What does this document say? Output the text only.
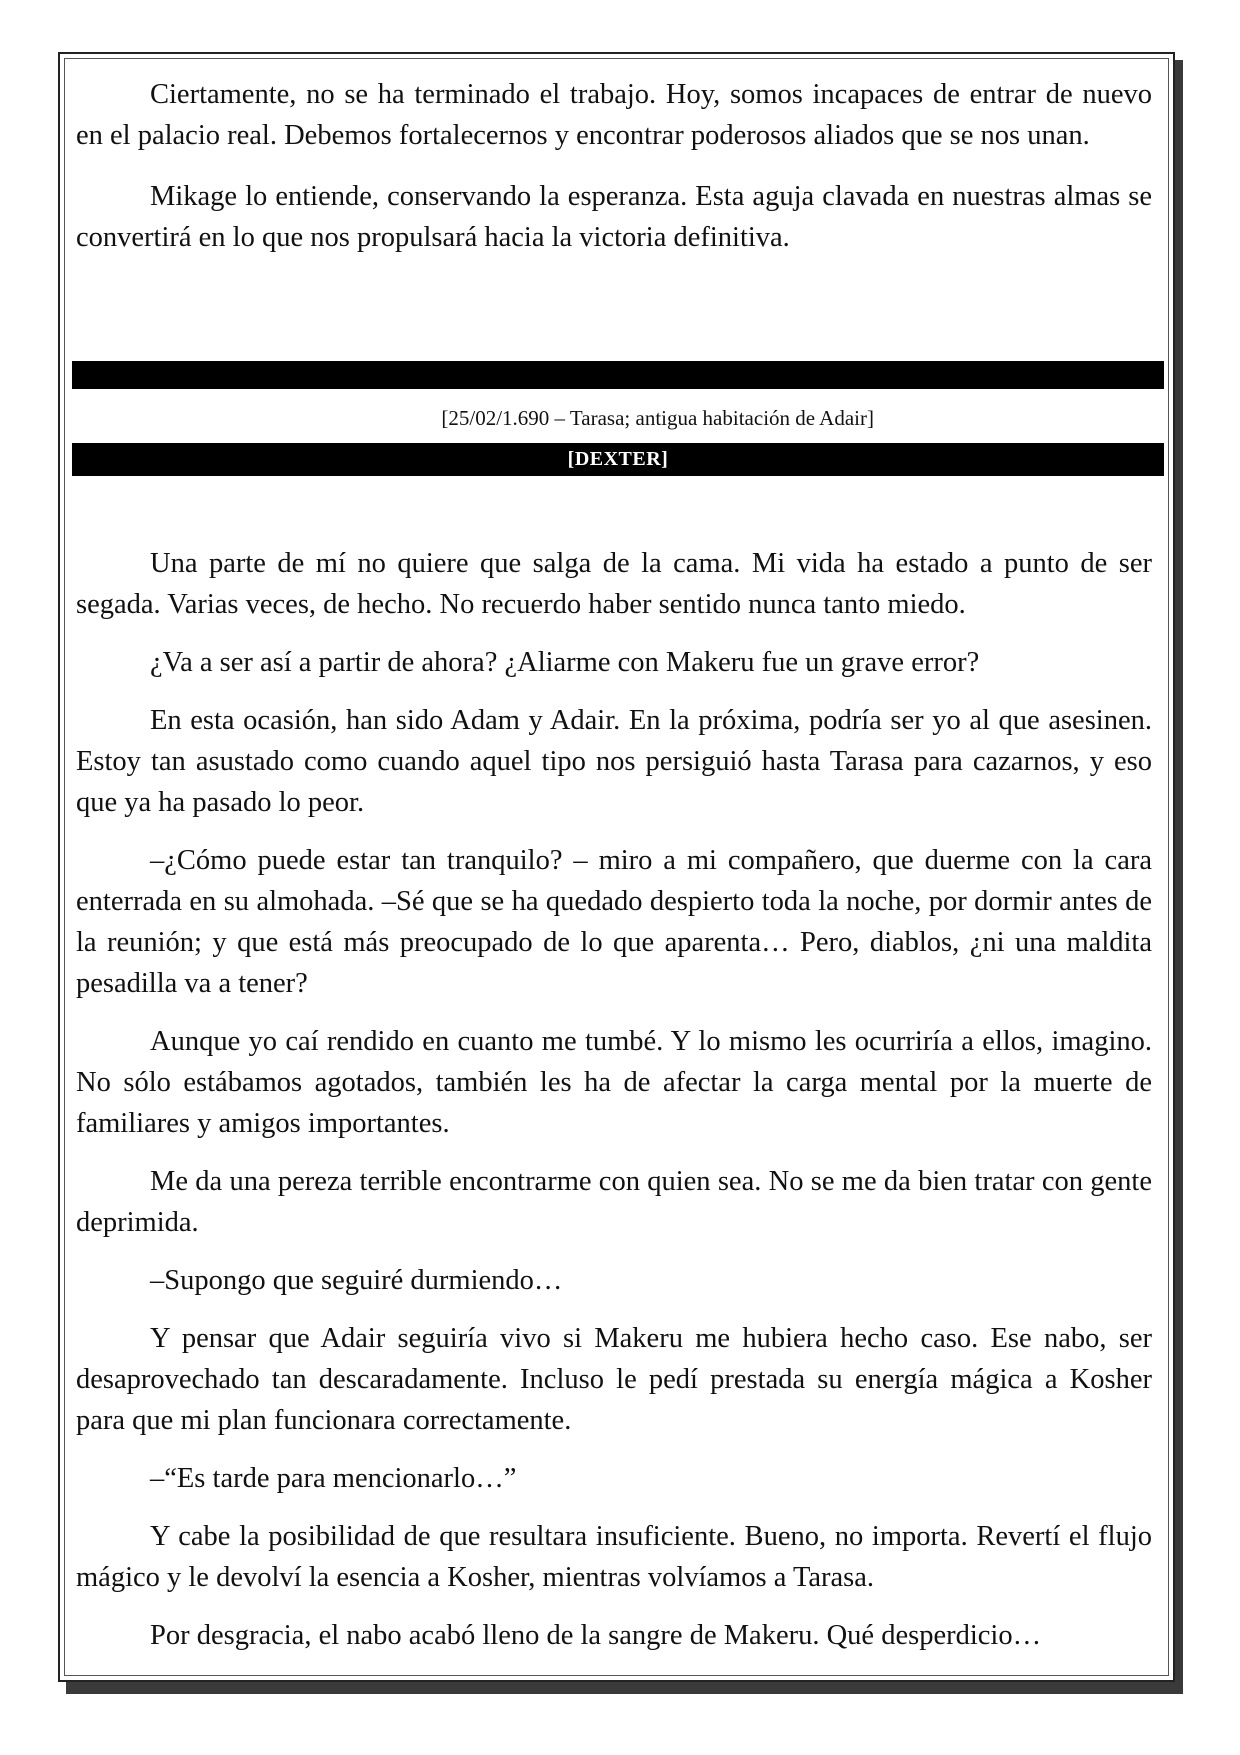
Ciertamente, no se ha terminado el trabajo. Hoy, somos incapaces de entrar de nuevo en el palacio real. Debemos fortalecernos y encontrar poderosos aliados que se nos unan.

Mikage lo entiende, conservando la esperanza. Esta aguja clavada en nuestras almas se convertirá en lo que nos propulsará hacia la victoria definitiva.

[25/02/1.690 – Tarasa; antigua habitación de Adair]
[DEXTER]

Una parte de mí no quiere que salga de la cama. Mi vida ha estado a punto de ser segada. Varias veces, de hecho. No recuerdo haber sentido nunca tanto miedo.

¿Va a ser así a partir de ahora? ¿Aliarme con Makeru fue un grave error?

En esta ocasión, han sido Adam y Adair. En la próxima, podría ser yo al que asesinen. Estoy tan asustado como cuando aquel tipo nos persiguió hasta Tarasa para cazarnos, y eso que ya ha pasado lo peor.

–¿Cómo puede estar tan tranquilo? – miro a mi compañero, que duerme con la cara enterrada en su almohada. –Sé que se ha quedado despierto toda la noche, por dormir antes de la reunión; y que está más preocupado de lo que aparenta… Pero, diablos, ¿ni una maldita pesadilla va a tener?

Aunque yo caí rendido en cuanto me tumbé. Y lo mismo les ocurriría a ellos, imagino. No sólo estábamos agotados, también les ha de afectar la carga mental por la muerte de familiares y amigos importantes.

Me da una pereza terrible encontrarme con quien sea. No se me da bien tratar con gente deprimida.

–Supongo que seguiré durmiendo…

Y pensar que Adair seguiría vivo si Makeru me hubiera hecho caso. Ese nabo, ser desaprovechado tan descaradamente. Incluso le pedí prestada su energía mágica a Kosher para que mi plan funcionara correctamente.

–“Es tarde para mencionarlo…”

Y cabe la posibilidad de que resultara insuficiente. Bueno, no importa. Revertí el flujo mágico y le devolví la esencia a Kosher, mientras volvíamos a Tarasa.

Por desgracia, el nabo acabó lleno de la sangre de Makeru. Qué desperdicio…
